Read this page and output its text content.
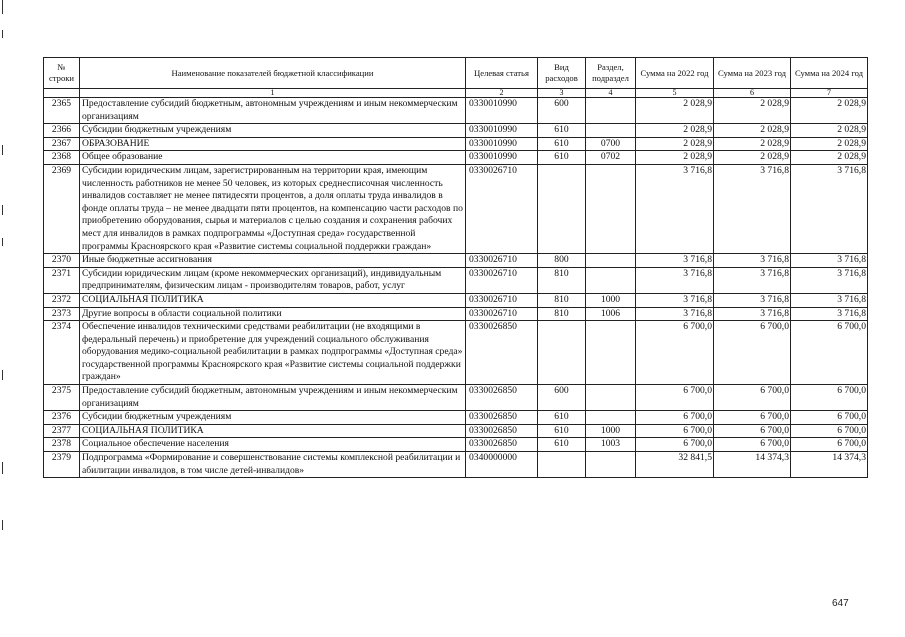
№ строки	Наименование показателей бюджетной классификации	Целевая статья	Вид расходов	Раздел, подраздел	Сумма на 2022 год	Сумма на 2023 год	Сумма на 2024 год
	1	2	3	4	5	6	7
2365	Предоставление субсидий бюджетным, автономным учреждениям и иным некоммерческим организациям	0330010990	600		2 028,9	2 028,9	2 028,9
2366	Субсидии бюджетным учреждениям	0330010990	610		2 028,9	2 028,9	2 028,9
2367	ОБРАЗОВАНИЕ	0330010990	610	0700	2 028,9	2 028,9	2 028,9
2368	Общее образование	0330010990	610	0702	2 028,9	2 028,9	2 028,9
2369	Субсидии юридическим лицам, зарегистрированным на территории края, имеющим численность работников не менее 50 человек, из которых среднесписочная численность инвалидов составляет не менее пятидесяти процентов, а доля оплаты труда инвалидов в фонде оплаты труда – не менее двадцати пяти процентов, на компенсацию части расходов по приобретению оборудования, сырья и материалов с целью создания и сохранения рабочих мест для инвалидов в рамках подпрограммы «Доступная среда» государственной программы Красноярского края «Развитие системы социальной поддержки граждан»	0330026710			3 716,8	3 716,8	3 716,8
2370	Иные бюджетные ассигнования	0330026710	800		3 716,8	3 716,8	3 716,8
2371	Субсидии юридическим лицам (кроме некоммерческих организаций), индивидуальным предпринимателям, физическим лицам - производителям товаров, работ, услуг	0330026710	810		3 716,8	3 716,8	3 716,8
2372	СОЦИАЛЬНАЯ ПОЛИТИКА	0330026710	810	1000	3 716,8	3 716,8	3 716,8
2373	Другие вопросы в области социальной политики	0330026710	810	1006	3 716,8	3 716,8	3 716,8
2374	Обеспечение инвалидов техническими средствами реабилитации (не входящими в федеральный перечень) и приобретение для учреждений социального обслуживания оборудования медико-социальной реабилитации в рамках подпрограммы «Доступная среда» государственной программы Красноярского края «Развитие системы социальной поддержки граждан»	0330026850			6 700,0	6 700,0	6 700,0
2375	Предоставление субсидий бюджетным, автономным учреждениям и иным некоммерческим организациям	0330026850	600		6 700,0	6 700,0	6 700,0
2376	Субсидии бюджетным учреждениям	0330026850	610		6 700,0	6 700,0	6 700,0
2377	СОЦИАЛЬНАЯ ПОЛИТИКА	0330026850	610	1000	6 700,0	6 700,0	6 700,0
2378	Социальное обеспечение населения	0330026850	610	1003	6 700,0	6 700,0	6 700,0
2379	Подпрограмма «Формирование и совершенствование системы комплексной реабилитации и абилитации инвалидов, в том числе детей-инвалидов»	0340000000			32 841,5	14 374,3	14 374,3
647
